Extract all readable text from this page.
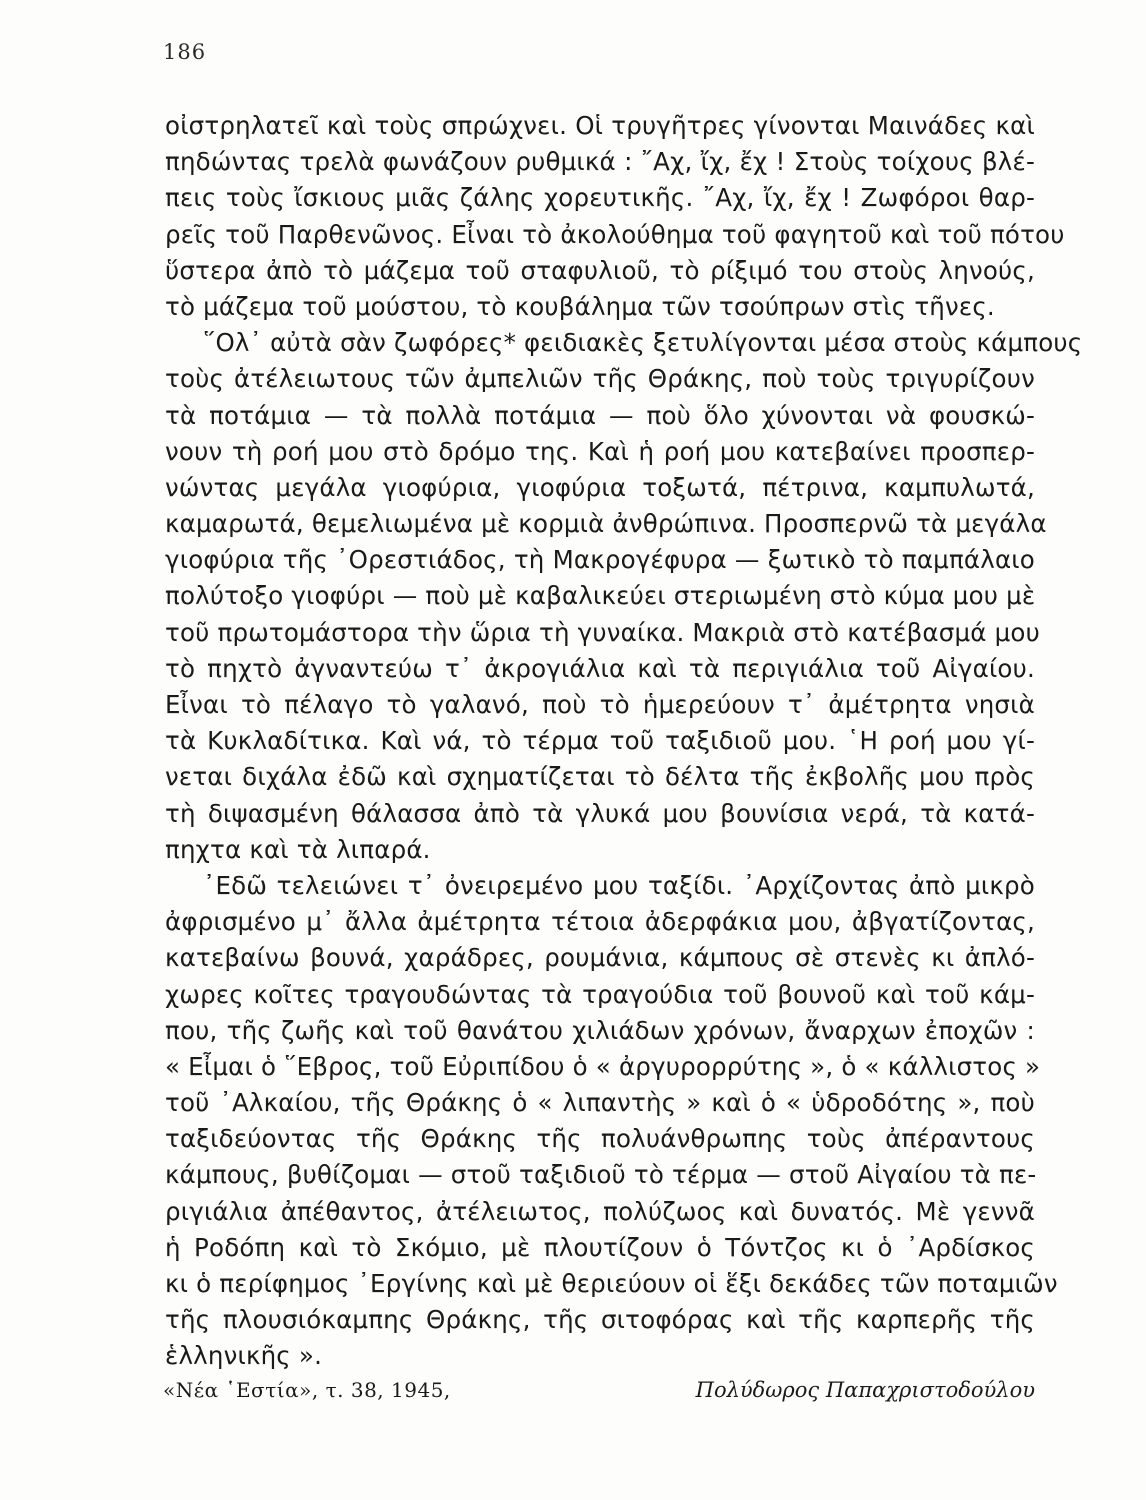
186
οἰστρηλατεῖ καὶ τοὺς σπρώχνει. Οἱ τρυγῆτρες γίνονται Μαινάδες καὶ
πηδώντας τρελὰ φωνάζουν ρυθμικά : ῎Αχ, ἴχ, ἔχ ! Στοὺς τοίχους βλέ-
πεις τοὺς ἴσκιους μιᾶς ζάλης χορευτικῆς. ῎Αχ, ἴχ, ἔχ ! Ζωφόροι θαρ-
ρεῖς τοῦ Παρθενῶνος. Εἶναι τὸ ἀκολούθημα τοῦ φαγητοῦ καὶ τοῦ πότου
ὕστερα ἀπὸ τὸ μάζεμα τοῦ σταφυλιοῦ, τὸ ρίξιμό του στοὺς ληνούς,
τὸ μάζεμα τοῦ μούστου, τὸ κουβάλημα τῶν τσούπρων στὶς τῆνες.
῞Ολ᾽ αὐτὰ σὰν ζωφόρες* φειδιακὲς ξετυλίγονται μέσα στοὺς κάμπους
τοὺς ἀτέλειωτους τῶν ἀμπελιῶν τῆς Θράκης, ποὺ τοὺς τριγυρίζουν
τὰ ποτάμια — τὰ πολλὰ ποτάμια — ποὺ ὅλο χύνονται νὰ φουσκώ-
νουν τὴ ροή μου στὸ δρόμο της. Καὶ ἡ ροή μου κατεβαίνει προσπερ-
νώντας μεγάλα γιοφύρια, γιοφύρια τοξωτά, πέτρινα, καμπυλωτά,
καμαρωτά, θεμελιωμένα μὲ κορμιὰ ἀνθρώπινα. Προσπερνῶ τὰ μεγάλα
γιοφύρια τῆς ᾿Ορεστιάδος, τὴ Μακρογέφυρα — ξωτικὸ τὸ παμπάλαιο
πολύτοξο γιοφύρι — ποὺ μὲ καβαλικεύει στεριωμένη στὸ κύμα μου μὲ
τοῦ πρωτομάστορα τὴν ὥρια τὴ γυναίκα. Μακριὰ στὸ κατέβασμά μου
τὸ πηχτὸ ἀγναντεύω τ᾽ ἀκρογιάλια καὶ τὰ περιγιάλια τοῦ Αἰγαίου.
Εἶναι τὸ πέλαγο τὸ γαλανό, ποὺ τὸ ἡμερεύουν τ᾽ ἀμέτρητα νησιὰ
τὰ Κυκλαδίτικα. Καὶ νά, τὸ τέρμα τοῦ ταξιδιοῦ μου. ῾Η ροή μου γί-
νεται διχάλα ἐδῶ καὶ σχηματίζεται τὸ δέλτα τῆς ἐκβολῆς μου πρὸς
τὴ διψασμένη θάλασσα ἀπὸ τὰ γλυκά μου βουνίσια νερά, τὰ κατά-
πηχτα καὶ τὰ λιπαρά.
᾿Εδῶ τελειώνει τ᾽ ὀνειρεμένο μου ταξίδι. ᾿Αρχίζοντας ἀπὸ μικρὸ
ἀφρισμένο μ᾽ ἄλλα ἀμέτρητα τέτοια ἀδερφάκια μου, ἀβγατίζοντας,
κατεβαίνω βουνά, χαράδρες, ρουμάνια, κάμπους σὲ στενὲς κι ἀπλό-
χωρες κοῖτες τραγουδώντας τὰ τραγούδια τοῦ βουνοῦ καὶ τοῦ κάμ-
που, τῆς ζωῆς καὶ τοῦ θανάτου χιλιάδων χρόνων, ἄναρχων ἐποχῶν :
« Εἶμαι ὁ ῞Εβρος, τοῦ Εὐριπίδου ὁ « ἀργυρορρύτης », ὁ « κάλλιστος »
τοῦ ᾿Αλκαίου, τῆς Θράκης ὁ « λιπαντὴς » καὶ ὁ « ὑδροδότης », ποὺ
ταξιδεύοντας τῆς Θράκης τῆς πολυάνθρωπης τοὺς ἀπέραντους
κάμπους, βυθίζομαι — στοῦ ταξιδιοῦ τὸ τέρμα — στοῦ Αἰγαίου τὰ πε-
ριγιάλια ἀπέθαντος, ἀτέλειωτος, πολύζωος καὶ δυνατός. Μὲ γεννᾶ
ἡ Ροδόπη καὶ τὸ Σκόμιο, μὲ πλουτίζουν ὁ Τόντζος κι ὁ ᾿Αρδίσκος
κι ὁ περίφημος ᾿Εργίνης καὶ μὲ θεριεύουν οἱ ἕξι δεκάδες τῶν ποταμιῶν
τῆς πλουσιόκαμπης Θράκης, τῆς σιτοφόρας καὶ τῆς καρπερῆς τῆς
ἑλληνικῆς ».
«Νέα ῾Εστία», τ. 38, 1945,	Πολύδωρος Παπαχριστοδούλου
